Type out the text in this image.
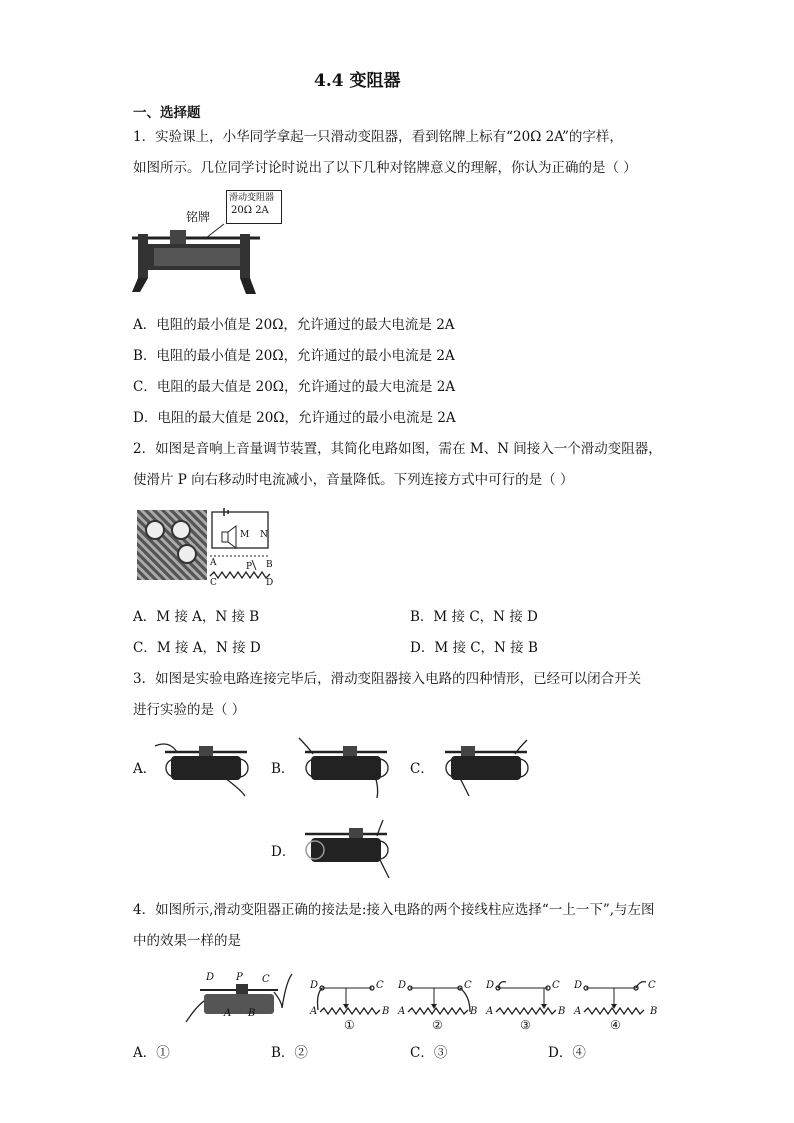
4.4 变阻器
一、选择题
1．实验课上，小华同学拿起一只滑动变阻器，看到铭牌上标有“20Ω 2A”的字样，
如图所示。几位同学讨论时说出了以下几种对铭牌意义的理解，你认为正确的是（ ）
铭牌
滑动变阻器
20Ω 2A
A．电阻的最小值是 20Ω，允许通过的最大电流是 2A
B．电阻的最小值是 20Ω，允许通过的最小电流是 2A
C．电阻的最大值是 20Ω，允许通过的最大电流是 2A
D．电阻的最大值是 20Ω，允许通过的最小电流是 2A
2．如图是音响上音量调节装置，其简化电路如图，需在 M、N 间接入一个滑动变阻器，
使滑片 P 向右移动时电流减小，音量降低。下列连接方式中可行的是（ ）
M N
A	P B
C	D
A．M 接 A，N 接 B	B．M 接 C，N 接 D
C．M 接 A，N 接 D	D．M 接 C，N 接 B
3．如图是实验电路连接完毕后，滑动变阻器接入电路的四种情形，已经可以闭合开关
进行实验的是（ ）
A．	B．	C．
D．
4．如图所示,滑动变阻器正确的接法是:接入电路的两个接线柱应选择“一上一下”,与左图
中的效果一样的是
D P C
A B
D	C
A	B
①
D	C
A	B
②
D	C
A	B
③
D	C
A	B
④
A．①	B．②	C．③	D．④
